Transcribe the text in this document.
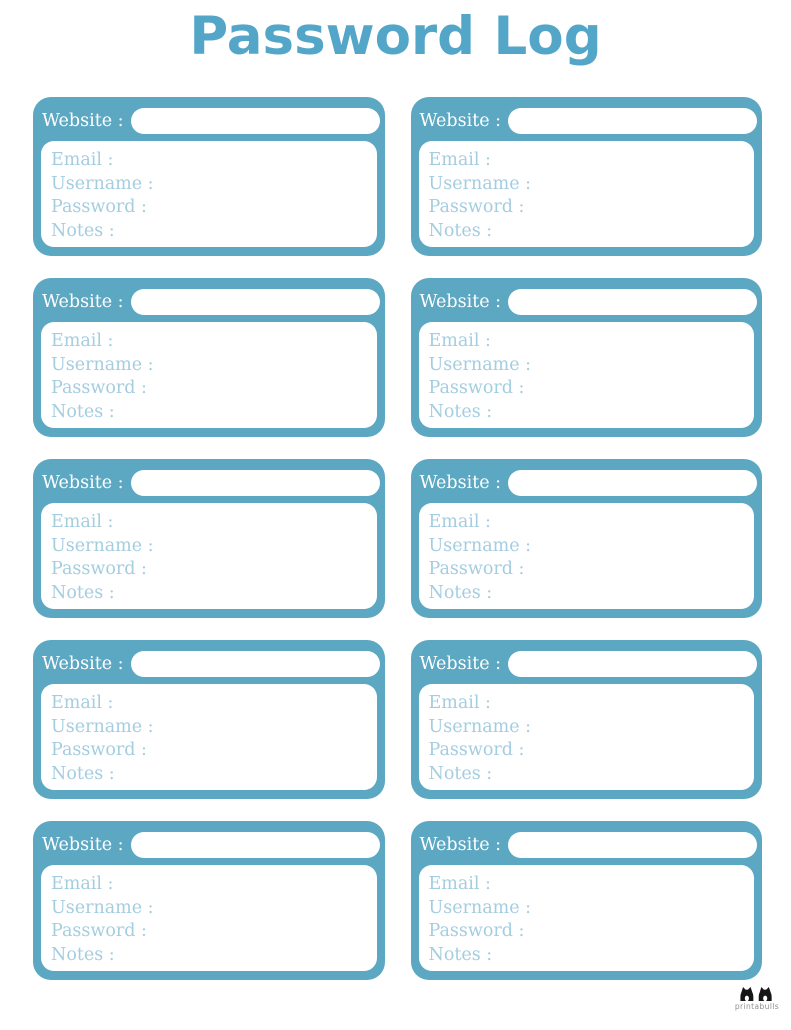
Password Log
Website :
Email :
Username :
Password :
Notes :
Website :
Email :
Username :
Password :
Notes :
Website :
Email :
Username :
Password :
Notes :
Website :
Email :
Username :
Password :
Notes :
Website :
Email :
Username :
Password :
Notes :
Website :
Email :
Username :
Password :
Notes :
Website :
Email :
Username :
Password :
Notes :
Website :
Email :
Username :
Password :
Notes :
Website :
Email :
Username :
Password :
Notes :
Website :
Email :
Username :
Password :
Notes :
printabulls
